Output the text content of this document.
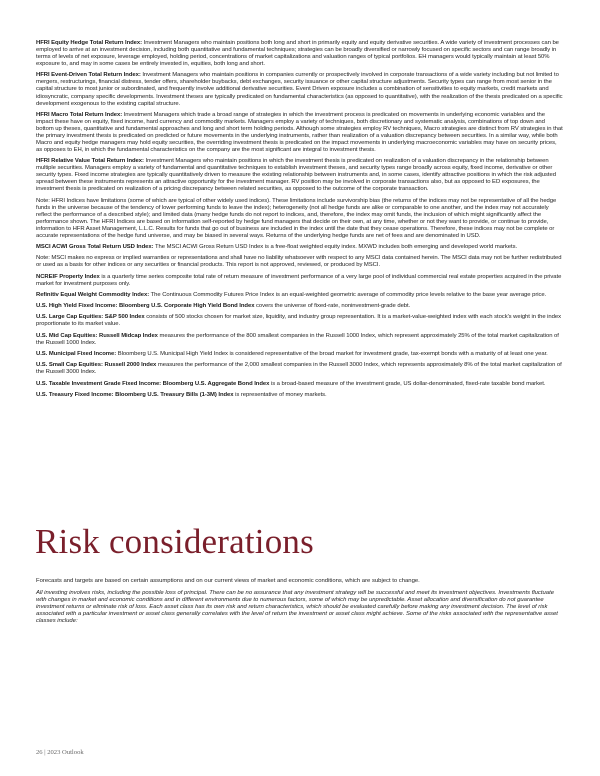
HFRI Equity Hedge Total Return Index: Investment Managers who maintain positions both long and short in primarily equity and equity derivative securities. A wide variety of investment processes can be employed to arrive at an investment decision, including both quantitative and fundamental techniques; strategies can be broadly diversified or narrowly focused on specific sectors and can range broadly in terms of levels of net exposure, leverage employed, holding period, concentrations of market capitalizations and valuation ranges of typical portfolios. EH managers would typically maintain at least 50% exposure to, and may in some cases be entirely invested in, equities, both long and short.

HFRI Event-Driven Total Return Index: Investment Managers who maintain positions in companies currently or prospectively involved in corporate transactions of a wide variety including but not limited to mergers, restructurings, financial distress, tender offers, shareholder buybacks, debt exchanges, security issuance or other capital structure adjustments. Security types can range from most senior in the capital structure to most junior or subordinated, and frequently involve additional derivative securities. Event Driven exposure includes a combination of sensitivities to equity markets, credit markets and idiosyncratic, company specific developments. Investment theses are typically predicated on fundamental characteristics (as opposed to quantitative), with the realization of the thesis predicated on a specific development exogenous to the existing capital structure.

HFRI Macro Total Return Index: Investment Managers which trade a broad range of strategies in which the investment process is predicated on movements in underlying economic variables and the impact these have on equity, fixed income, hard currency and commodity markets. Managers employ a variety of techniques, both discretionary and systematic analysis, combinations of top down and bottom up theses, quantitative and fundamental approaches and long and short term holding periods. Although some strategies employ RV techniques, Macro strategies are distinct from RV strategies in that the primary investment thesis is predicated on predicted or future movements in the underlying instruments, rather than realization of a valuation discrepancy between securities. In a similar way, while both Macro and equity hedge managers may hold equity securities, the overriding investment thesis is predicated on the impact movements in underlying macroeconomic variables may have on security prices, as opposes to EH, in which the fundamental characteristics on the company are the most significant are integral to investment thesis.

HFRI Relative Value Total Return Index: Investment Managers who maintain positions in which the investment thesis is predicated on realization of a valuation discrepancy in the relationship between multiple securities. Managers employ a variety of fundamental and quantitative techniques to establish investment theses, and security types range broadly across equity, fixed income, derivative or other security types. Fixed income strategies are typically quantitatively driven to measure the existing relationship between instruments and, in some cases, identify attractive positions in which the risk adjusted spread between these instruments represents an attractive opportunity for the investment manager. RV position may be involved in corporate transactions also, but as opposed to ED exposures, the investment thesis is predicated on realization of a pricing discrepancy between related securities, as opposed to the outcome of the corporate transaction.

Note: HFRI Indices have limitations (some of which are typical of other widely used indices). These limitations include survivorship bias (the returns of the indices may not be representative of all the hedge funds in the universe because of the tendency of lower performing funds to leave the index); heterogeneity (not all hedge funds are alike or comparable to one another, and the index may not accurately reflect the performance of a described style); and limited data (many hedge funds do not report to indices, and, therefore, the index may omit funds, the inclusion of which might significantly affect the performance shown. The HFRI Indices are based on information self-reported by hedge fund managers that decide on their own, at any time, whether or not they want to provide, or continue to provide, information to HFR Asset Management, L.L.C. Results for funds that go out of business are included in the index until the date that they cease operations. Therefore, these indices may not be complete or accurate representations of the hedge fund universe, and may be biased in several ways. Returns of the underlying hedge funds are net of fees and are denominated in USD.

MSCI ACWI Gross Total Return USD Index: The MSCI ACWI Gross Return USD Index is a free-float weighted equity index. MXWD includes both emerging and developed world markets.

Note: MSCI makes no express or implied warranties or representations and shall have no liability whatsoever with respect to any MSCI data contained herein. The MSCI data may not be further redistributed or used as a basis for other indices or any securities or financial products. This report is not approved, reviewed, or produced by MSCI.

NCREIF Property Index is a quarterly time series composite total rate of return measure of investment performance of a very large pool of individual commercial real estate properties acquired in the private market for investment purposes only.

Refinitiv Equal Weight Commodity Index: The Continuous Commodity Futures Price Index is an equal-weighted geometric average of commodity price levels relative to the base year average price.

U.S. High Yield Fixed Income: Bloomberg U.S. Corporate High Yield Bond Index covers the universe of fixed-rate, noninvestment-grade debt.

U.S. Large Cap Equities: S&P 500 Index consists of 500 stocks chosen for market size, liquidity, and industry group representation. It is a market-value-weighted index with each stock's weight in the index proportionate to its market value.

U.S. Mid Cap Equities: Russell Midcap Index measures the performance of the 800 smallest companies in the Russell 1000 Index, which represent approximately 25% of the total market capitalization of the Russell 1000 Index.

U.S. Municipal Fixed Income: Bloomberg U.S. Municipal High Yield Index is considered representative of the broad market for investment grade, tax-exempt bonds with a maturity of at least one year.

U.S. Small Cap Equities: Russell 2000 Index measures the performance of the 2,000 smallest companies in the Russell 3000 Index, which represents approximately 8% of the total market capitalization of the Russell 3000 Index.

U.S. Taxable Investment Grade Fixed Income: Bloomberg U.S. Aggregate Bond Index is a broad-based measure of the investment grade, US dollar-denominated, fixed-rate taxable bond market.

U.S. Treasury Fixed Income: Bloomberg U.S. Treasury Bills (1-3M) Index is representative of money markets.

Risk considerations

Forecasts and targets are based on certain assumptions and on our current views of market and economic conditions, which are subject to change.

All investing involves risks, including the possible loss of principal. There can be no assurance that any investment strategy will be successful and meet its investment objectives. Investments fluctuate with changes in market and economic conditions and in different environments due to numerous factors, some of which may be unpredictable. Asset allocation and diversification do not guarantee investment returns or eliminate risk of loss. Each asset class has its own risk and return characteristics, which should be evaluated carefully before making any investment decision. The level of risk associated with a particular investment or asset class generally correlates with the level of return the investment or asset class might achieve. Some of the risks associated with the representative asset classes include:

26 | 2023 Outlook
